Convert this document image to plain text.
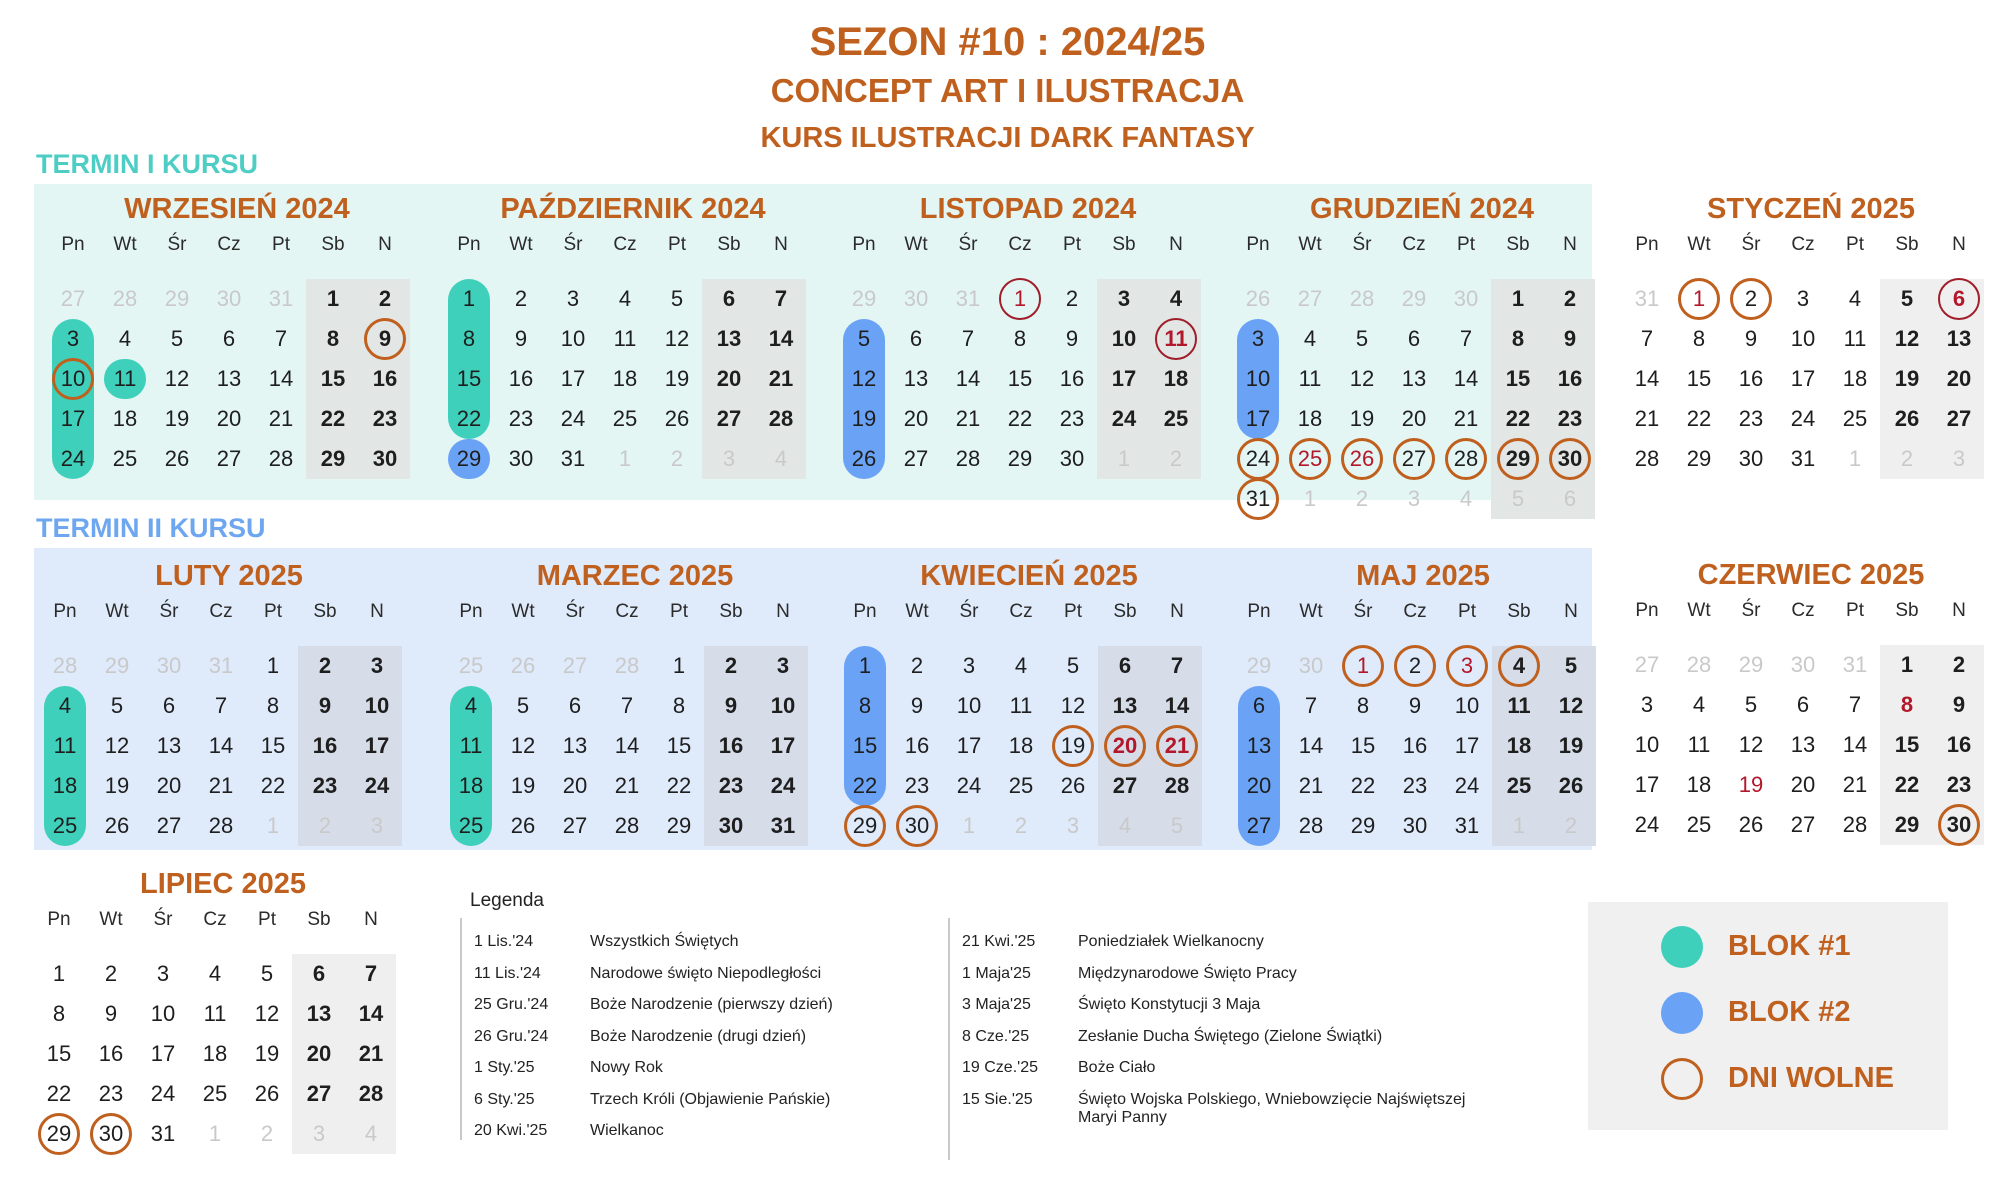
SEZON #10 : 2024/25
CONCEPT ART I ILUSTRACJA
KURS ILUSTRACJI DARK FANTASY
TERMIN I KURSU
TERMIN II KURSU
WRZESIEŃ 2024
Pn	Wt	Śr	Cz	Pt	Sb	N
27	28	29	30	31	1	2
3	4	5	6	7	8	9
10	11	12	13	14	15	16
17	18	19	20	21	22	23
24	25	26	27	28	29	30
PAŹDZIERNIK 2024
Pn	Wt	Śr	Cz	Pt	Sb	N
1	2	3	4	5	6	7
8	9	10	11	12	13	14
15	16	17	18	19	20	21
22	23	24	25	26	27	28
29	30	31	1	2	3	4
LISTOPAD 2024
Pn	Wt	Śr	Cz	Pt	Sb	N
29	30	31	1	2	3	4
5	6	7	8	9	10	11
12	13	14	15	16	17	18
19	20	21	22	23	24	25
26	27	28	29	30	1	2
GRUDZIEŃ 2024
Pn	Wt	Śr	Cz	Pt	Sb	N
26	27	28	29	30	1	2
3	4	5	6	7	8	9
10	11	12	13	14	15	16
17	18	19	20	21	22	23
24	25	26	27	28	29	30
31	1	2	3	4	5	6
STYCZEŃ 2025
Pn	Wt	Śr	Cz	Pt	Sb	N
31	1	2	3	4	5	6
7	8	9	10	11	12	13
14	15	16	17	18	19	20
21	22	23	24	25	26	27
28	29	30	31	1	2	3
LUTY 2025
Pn	Wt	Śr	Cz	Pt	Sb	N
28	29	30	31	1	2	3
4	5	6	7	8	9	10
11	12	13	14	15	16	17
18	19	20	21	22	23	24
25	26	27	28	1	2	3
MARZEC 2025
Pn	Wt	Śr	Cz	Pt	Sb	N
25	26	27	28	1	2	3
4	5	6	7	8	9	10
11	12	13	14	15	16	17
18	19	20	21	22	23	24
25	26	27	28	29	30	31
KWIECIEŃ 2025
Pn	Wt	Śr	Cz	Pt	Sb	N
1	2	3	4	5	6	7
8	9	10	11	12	13	14
15	16	17	18	19	20	21
22	23	24	25	26	27	28
29	30	1	2	3	4	5
MAJ 2025
Pn	Wt	Śr	Cz	Pt	Sb	N
29	30	1	2	3	4	5
6	7	8	9	10	11	12
13	14	15	16	17	18	19
20	21	22	23	24	25	26
27	28	29	30	31	1	2
CZERWIEC 2025
Pn	Wt	Śr	Cz	Pt	Sb	N
27	28	29	30	31	1	2
3	4	5	6	7	8	9
10	11	12	13	14	15	16
17	18	19	20	21	22	23
24	25	26	27	28	29	30
LIPIEC 2025
Pn	Wt	Śr	Cz	Pt	Sb	N
1	2	3	4	5	6	7
8	9	10	11	12	13	14
15	16	17	18	19	20	21
22	23	24	25	26	27	28
29	30	31	1	2	3	4
Legenda
1 Lis.'24	Wszystkich Świętych
11 Lis.'24	Narodowe święto Niepodległości
25 Gru.'24	Boże Narodzenie (pierwszy dzień)
26 Gru.'24	Boże Narodzenie (drugi dzień)
1 Sty.'25	Nowy Rok
6 Sty.'25	Trzech Króli (Objawienie Pańskie)
20 Kwi.'25	Wielkanoc
21 Kwi.'25	Poniedziałek Wielkanocny
1 Maja'25	Międzynarodowe Święto Pracy
3 Maja'25	Święto Konstytucji 3 Maja
8 Cze.'25	Zesłanie Ducha Świętego (Zielone Świątki)
19 Cze.'25	Boże Ciało
15 Sie.'25	Święto Wojska Polskiego, Wniebowzięcie Najświętszej
Maryi Panny
BLOK #1
BLOK #2
DNI WOLNE
